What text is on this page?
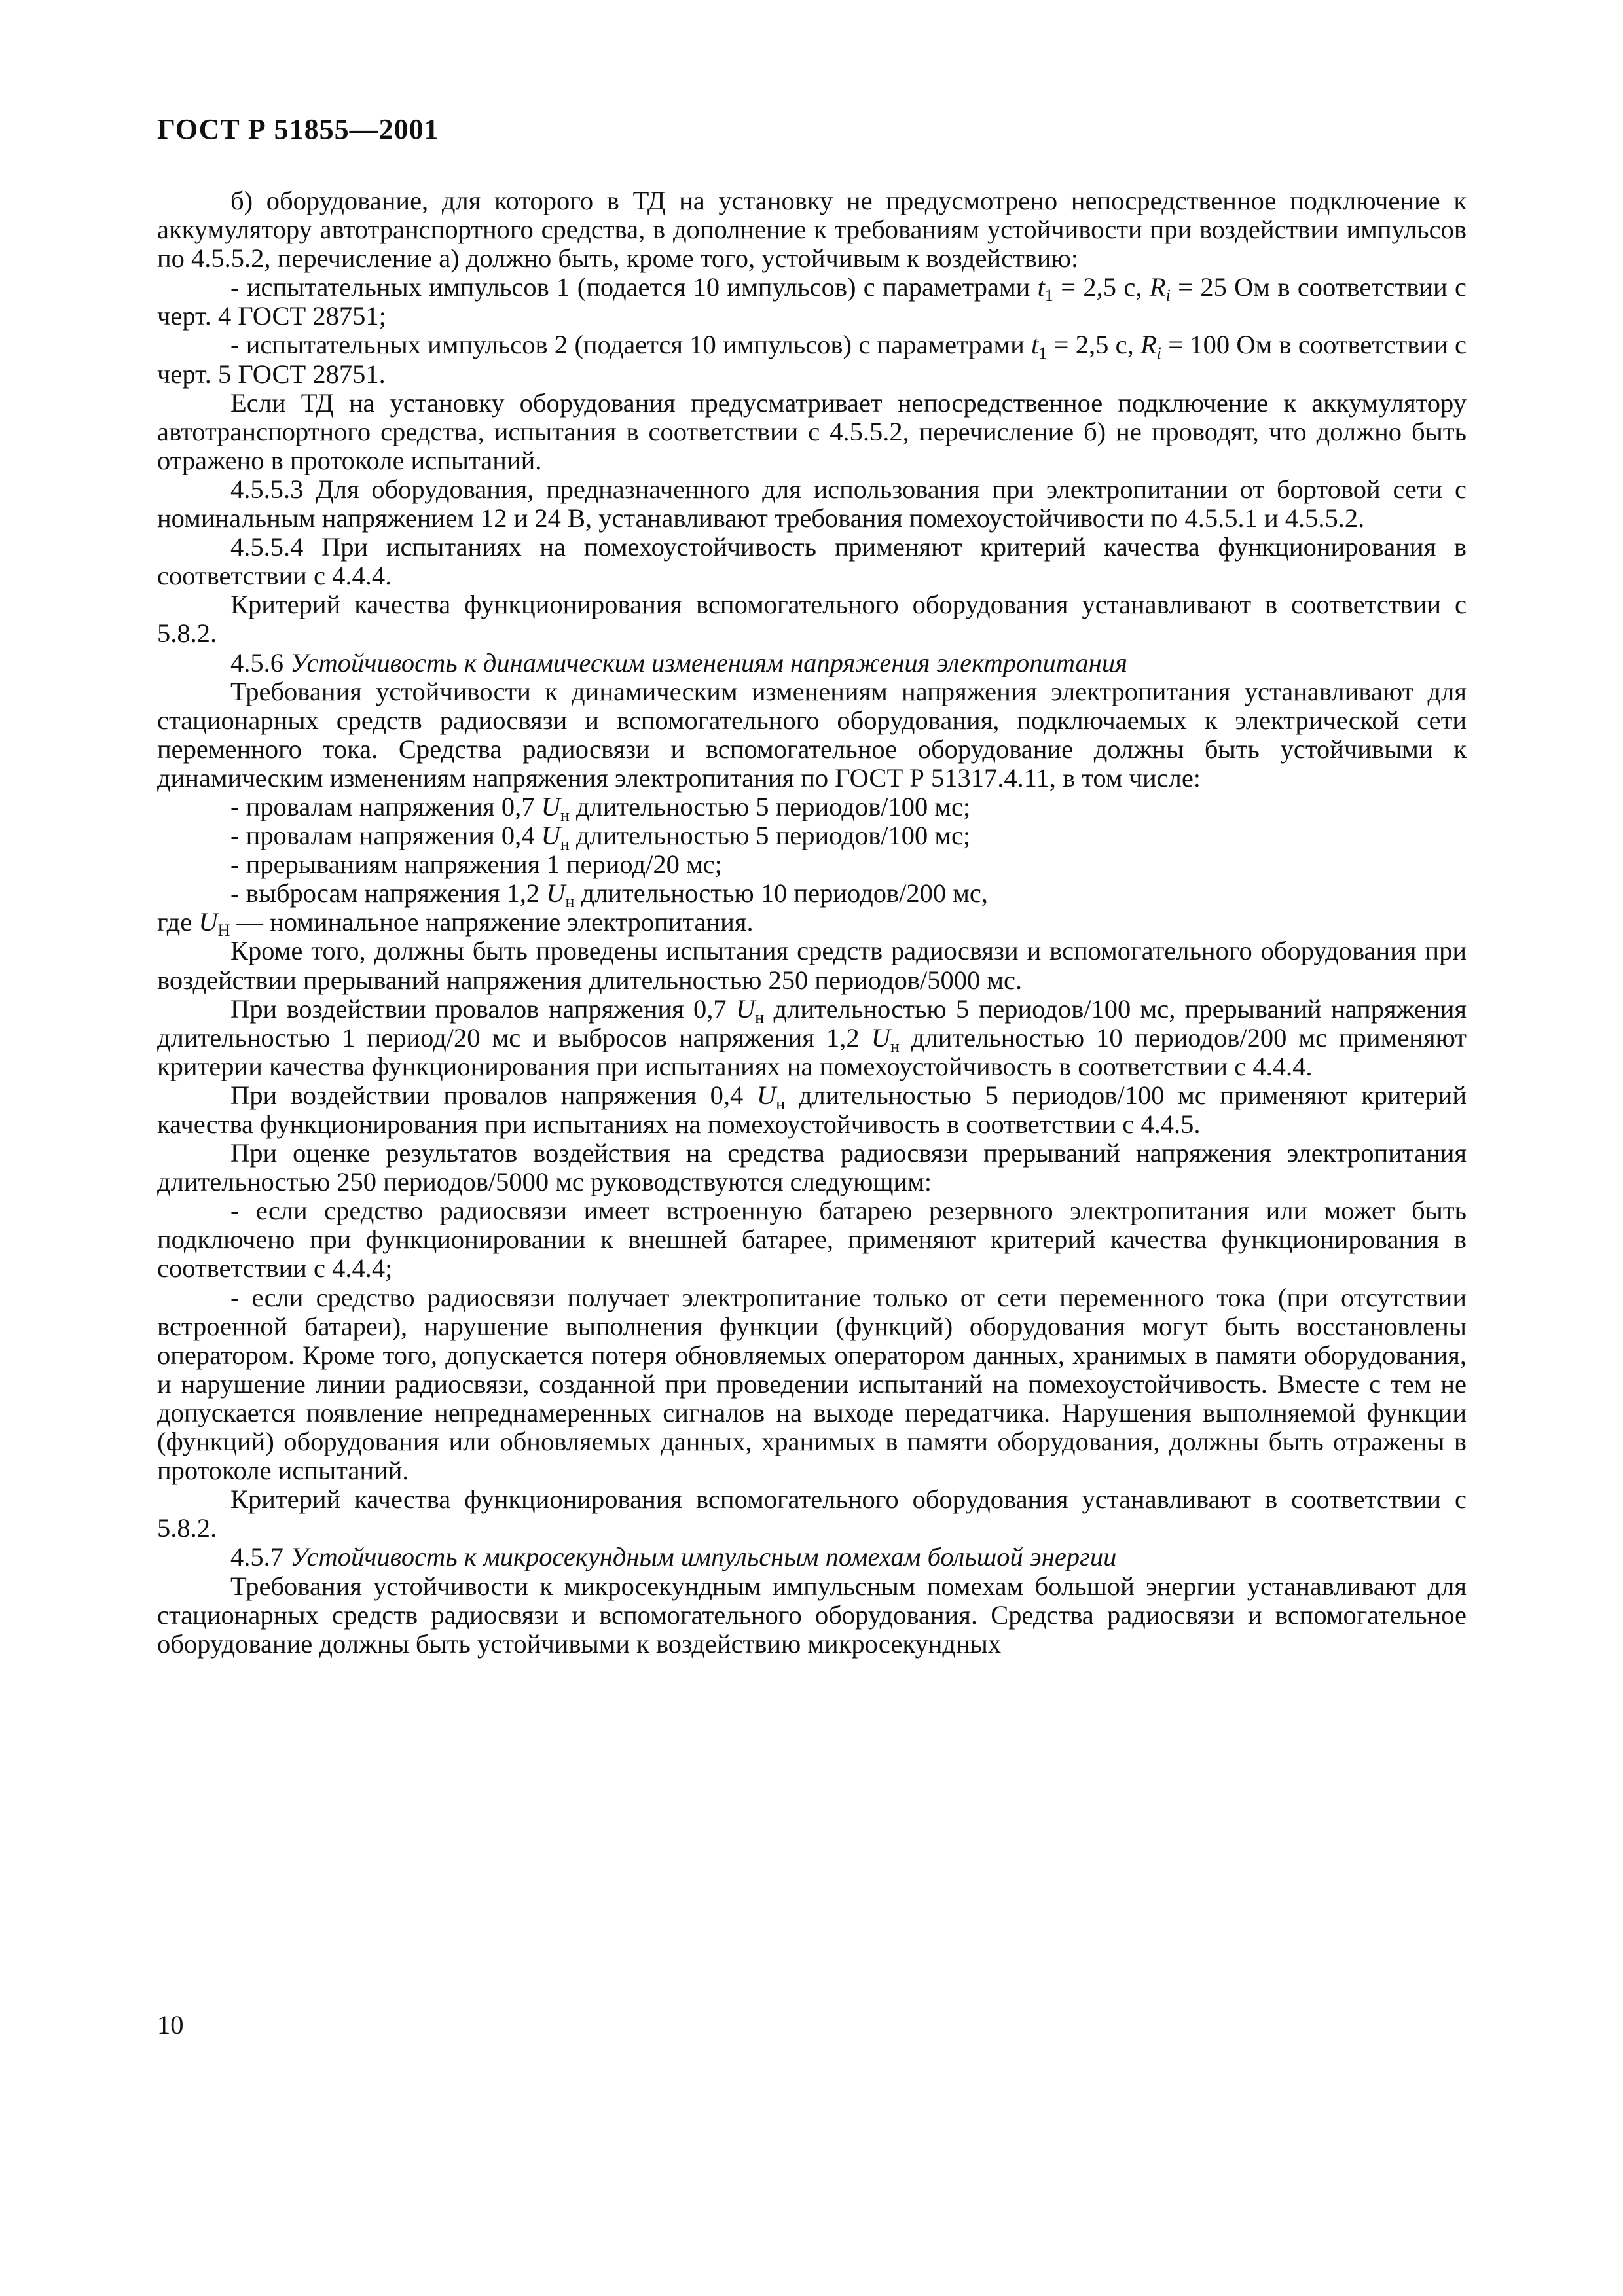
ГОСТ Р 51855—2001

б) оборудование, для которого в ТД на установку не предусмотрено непосредственное подключение к аккумулятору автотранспортного средства, в дополнение к требованиям устойчивости при воздействии импульсов по 4.5.5.2, перечисление а) должно быть, кроме того, устойчивым к воздействию:

- испытательных импульсов 1 (подается 10 импульсов) с параметрами $t_1 = 2,5$ с, $R_i = 25$ Ом в соответствии с черт. 4 ГОСТ 28751;

- испытательных импульсов 2 (подается 10 импульсов) с параметрами $t_1 = 2,5$ с, $R_i = 100$ Ом в соответствии с черт. 5 ГОСТ 28751.

Если ТД на установку оборудования предусматривает непосредственное подключение к аккумулятору автотранспортного средства, испытания в соответствии с 4.5.5.2, перечисление б) не проводят, что должно быть отражено в протоколе испытаний.

4.5.5.3 Для оборудования, предназначенного для использования при электропитании от бортовой сети с номинальным напряжением 12 и 24 В, устанавливают требования помехоустойчивости по 4.5.5.1 и 4.5.5.2.

4.5.5.4 При испытаниях на помехоустойчивость применяют критерий качества функционирования в соответствии с 4.4.4.

Критерий качества функционирования вспомогательного оборудования устанавливают в соответствии с 5.8.2.

4.5.6 Устойчивость к динамическим изменениям напряжения электропитания

Требования устойчивости к динамическим изменениям напряжения электропитания устанавливают для стационарных средств радиосвязи и вспомогательного оборудования, подключаемых к электрической сети переменного тока. Средства радиосвязи и вспомогательное оборудование должны быть устойчивыми к динамическим изменениям напряжения электропитания по ГОСТ Р 51317.4.11, в том числе:

- провалам напряжения 0,7 $U_н$ длительностью 5 периодов/100 мс;

- провалам напряжения 0,4 $U_н$ длительностью 5 периодов/100 мс;

- прерываниям напряжения 1 период/20 мс;

- выбросам напряжения 1,2 $U_н$ длительностью 10 периодов/200 мс,

где $U_Н$ — номинальное напряжение электропитания.

Кроме того, должны быть проведены испытания средств радиосвязи и вспомогательного оборудования при воздействии прерываний напряжения длительностью 250 периодов/5000 мс.

При воздействии провалов напряжения 0,7 $U_н$ длительностью 5 периодов/100 мс, прерываний напряжения длительностью 1 период/20 мс и выбросов напряжения 1,2 $U_н$ длительностью 10 периодов/200 мс применяют критерии качества функционирования при испытаниях на помехоустойчивость в соответствии с 4.4.4.

При воздействии провалов напряжения 0,4 $U_н$ длительностью 5 периодов/100 мс применяют критерий качества функционирования при испытаниях на помехоустойчивость в соответствии с 4.4.5.

При оценке результатов воздействия на средства радиосвязи прерываний напряжения электропитания длительностью 250 периодов/5000 мс руководствуются следующим:

- если средство радиосвязи имеет встроенную батарею резервного электропитания или может быть подключено при функционировании к внешней батарее, применяют критерий качества функционирования в соответствии с 4.4.4;

- если средство радиосвязи получает электропитание только от сети переменного тока (при отсутствии встроенной батареи), нарушение выполнения функции (функций) оборудования могут быть восстановлены оператором. Кроме того, допускается потеря обновляемых оператором данных, хранимых в памяти оборудования, и нарушение линии радиосвязи, созданной при проведении испытаний на помехоустойчивость. Вместе с тем не допускается появление непреднамеренных сигналов на выходе передатчика. Нарушения выполняемой функции (функций) оборудования или обновляемых данных, хранимых в памяти оборудования, должны быть отражены в протоколе испытаний.

Критерий качества функционирования вспомогательного оборудования устанавливают в соответствии с 5.8.2.

4.5.7 Устойчивость к микросекундным импульсным помехам большой энергии

Требования устойчивости к микросекундным импульсным помехам большой энергии устанавливают для стационарных средств радиосвязи и вспомогательного оборудования. Средства радиосвязи и вспомогательное оборудование должны быть устойчивыми к воздействию микросекундных

10
